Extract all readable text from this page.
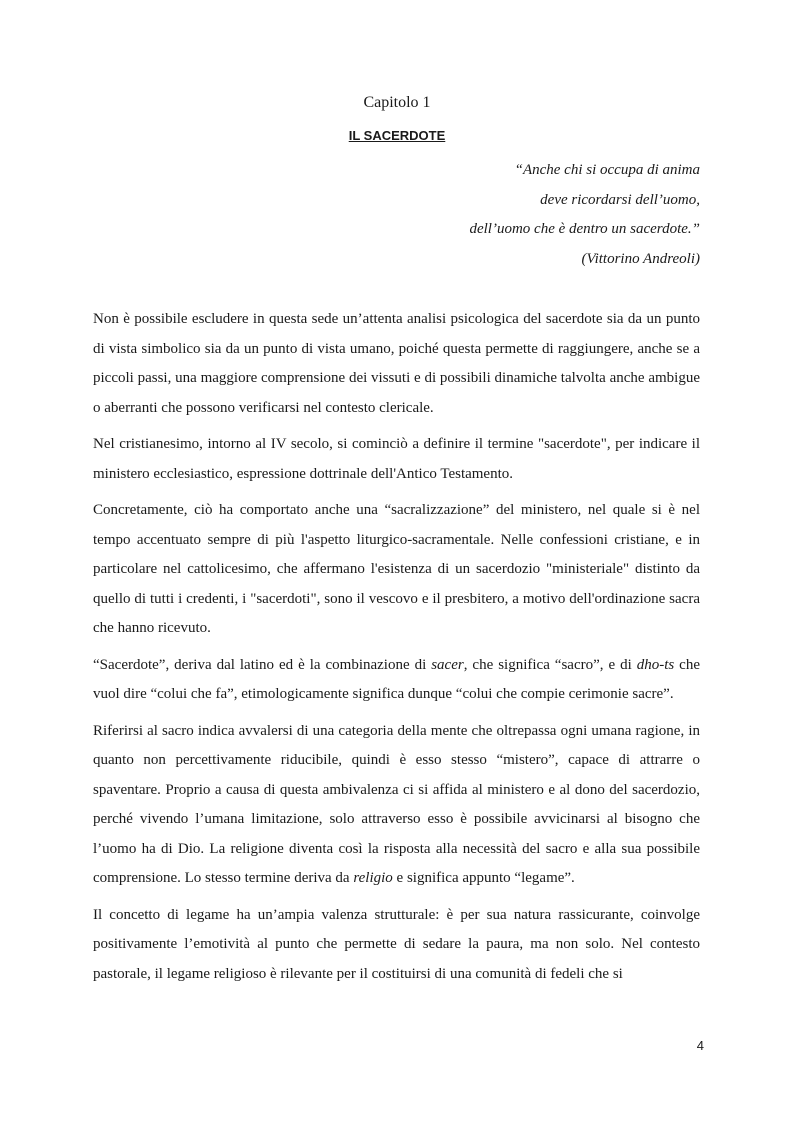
Capitolo 1
IL SACERDOTE
“Anche chi si occupa di anima
deve ricordarsi dell’uomo,
dell’uomo che è dentro un sacerdote.”
(Vittorino Andreoli)

Non è possibile escludere in questa sede un’attenta analisi psicologica del sacerdote sia da un punto di vista simbolico sia da un punto di vista umano, poiché questa permette di raggiungere, anche se a piccoli passi, una maggiore comprensione dei vissuti e di possibili dinamiche talvolta anche ambigue o aberranti che possono verificarsi nel contesto clericale.

Nel cristianesimo, intorno al IV secolo, si cominciò a definire il termine "sacerdote", per indicare il ministero ecclesiastico, espressione dottrinale dell'Antico Testamento.

Concretamente, ciò ha comportato anche una “sacralizzazione” del ministero, nel quale si è nel tempo accentuato sempre di più l'aspetto liturgico-sacramentale. Nelle confessioni cristiane, e in particolare nel cattolicesimo, che affermano l'esistenza di un sacerdozio "ministeriale" distinto da quello di tutti i credenti, i "sacerdoti", sono il vescovo e il presbitero, a motivo dell'ordinazione sacra che hanno ricevuto.

“Sacerdote”, deriva dal latino ed è la combinazione di sacer, che significa “sacro”, e di dho-ts che vuol dire “colui che fa”, etimologicamente significa dunque “colui che compie cerimonie sacre”.

Riferirsi al sacro indica avvalersi di una categoria della mente che oltrepassa ogni umana ragione, in quanto non percettivamente riducibile, quindi è esso stesso “mistero”, capace di attrarre o spaventare. Proprio a causa di questa ambivalenza ci si affida al ministero e al dono del sacerdozio, perché vivendo l’umana limitazione, solo attraverso esso è possibile avvicinarsi al bisogno che l’uomo ha di Dio. La religione diventa così la risposta alla necessità del sacro e alla sua possibile comprensione. Lo stesso termine deriva da religio e significa appunto “legame”.

Il concetto di legame ha un’ampia valenza strutturale: è per sua natura rassicurante, coinvolge positivamente l’emotività al punto che permette di sedare la paura, ma non solo. Nel contesto pastorale, il legame religioso è rilevante per il costituirsi di una comunità di fedeli che si

4
